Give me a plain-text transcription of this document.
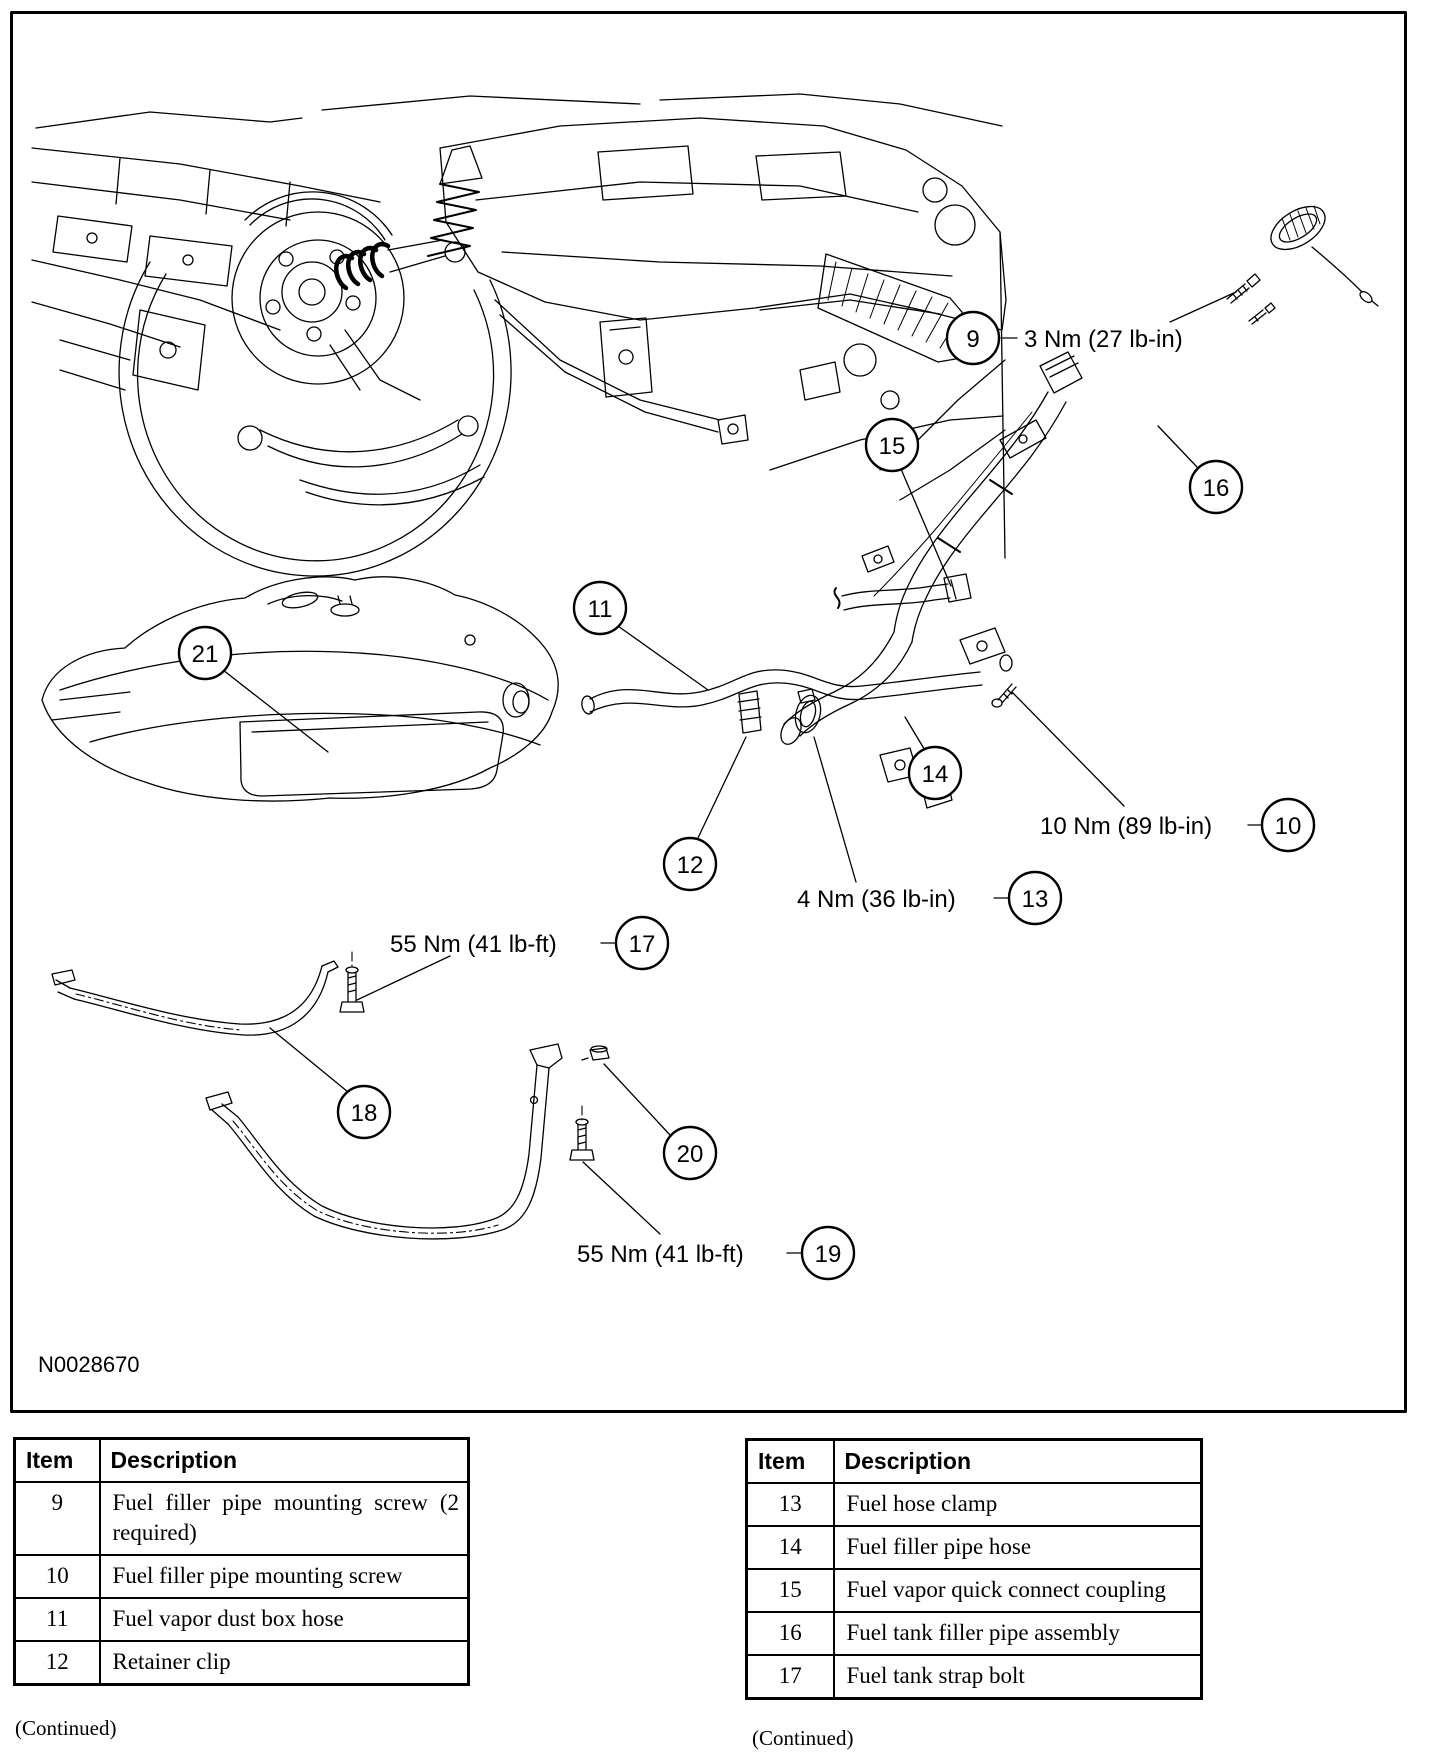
3 Nm (27 lb-in)
10 Nm (89 lb-in)
4 Nm (36 lb-in)
55 Nm (41 lb-ft)
55 Nm (41 lb-ft)
9
10
11
12
13
14
15
16
17
18
19
20
21
N0028670
Item	Description
9	Fuel filler pipe mounting screw (2 required)
10	Fuel filler pipe mounting screw
11	Fuel vapor dust box hose
12	Retainer clip
(Continued)
Item	Description
13	Fuel hose clamp
14	Fuel filler pipe hose
15	Fuel vapor quick connect coupling
16	Fuel tank filler pipe assembly
17	Fuel tank strap bolt
(Continued)
